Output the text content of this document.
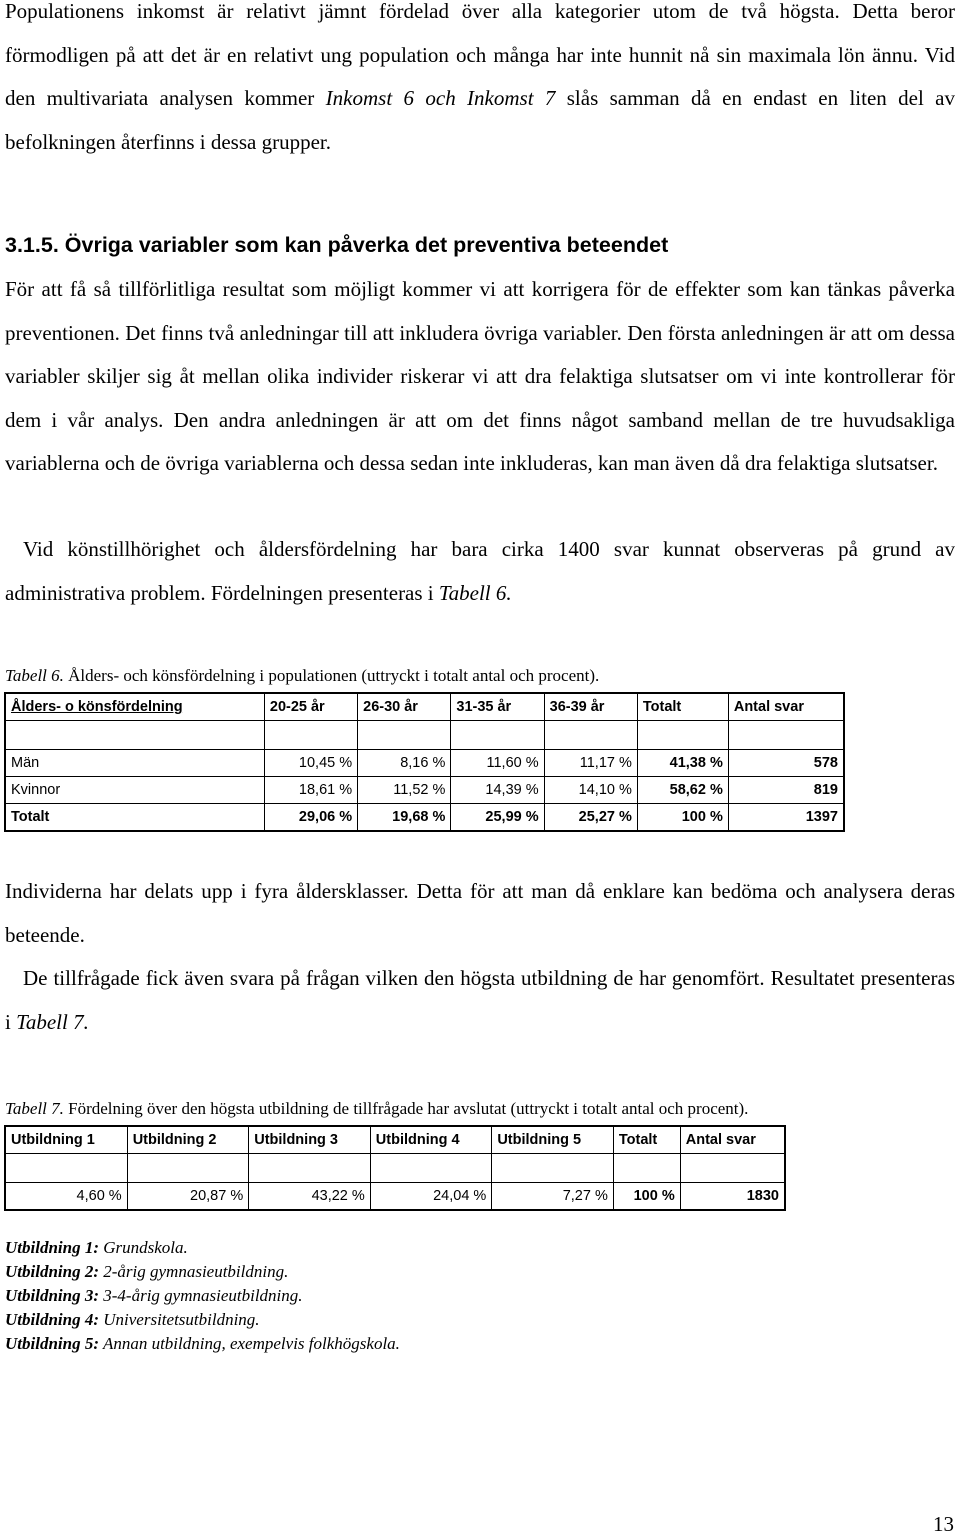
Populationens inkomst är relativt jämnt fördelad över alla kategorier utom de två högsta. Detta beror förmodligen på att det är en relativt ung population och många har inte hunnit nå sin maximala lön ännu. Vid den multivariata analysen kommer Inkomst 6 och Inkomst 7 slås samman då en endast en liten del av befolkningen återfinns i dessa grupper.

3.1.5. Övriga variabler som kan påverka det preventiva beteendet

För att få så tillförlitliga resultat som möjligt kommer vi att korrigera för de effekter som kan tänkas påverka preventionen. Det finns två anledningar till att inkludera övriga variabler. Den första anledningen är att om dessa variabler skiljer sig åt mellan olika individer riskerar vi att dra felaktiga slutsatser om vi inte kontrollerar för dem i vår analys. Den andra anledningen är att om det finns något samband mellan de tre huvudsakliga variablerna och de övriga variablerna och dessa sedan inte inkluderas, kan man även då dra felaktiga slutsatser.

Vid könstillhörighet och åldersfördelning har bara cirka 1400 svar kunnat observeras på grund av administrativa problem. Fördelningen presenteras i Tabell 6.

Tabell 6. Ålders- och könsfördelning i populationen (uttryckt i totalt antal och procent).

Ålders- o könsfördelning	20-25 år	26-30 år	31-35 år	36-39 år	Totalt	Antal svar

Män	10,45 %	8,16 %	11,60 %	11,17 %	41,38 %	578
Kvinnor	18,61 %	11,52 %	14,39 %	14,10 %	58,62 %	819
Totalt	29,06 %	19,68 %	25,99 %	25,27 %	100 %	1397

Individerna har delats upp i fyra åldersklasser. Detta för att man då enklare kan bedöma och analysera deras beteende.

De tillfrågade fick även svara på frågan vilken den högsta utbildning de har genomfört. Resultatet presenteras i Tabell 7.

Tabell 7. Fördelning över den högsta utbildning de tillfrågade har avslutat (uttryckt i totalt antal och procent).

Utbildning 1	Utbildning 2	Utbildning 3	Utbildning 4	Utbildning 5	Totalt	Antal svar

4,60 %	20,87 %	43,22 %	24,04 %	7,27 %	100 %	1830
Utbildning 1: Grundskola.
Utbildning 2: 2-årig gymnasieutbildning.
Utbildning 3: 3-4-årig gymnasieutbildning.
Utbildning 4: Universitetsutbildning.
Utbildning 5: Annan utbildning, exempelvis folkhögskola.
13
